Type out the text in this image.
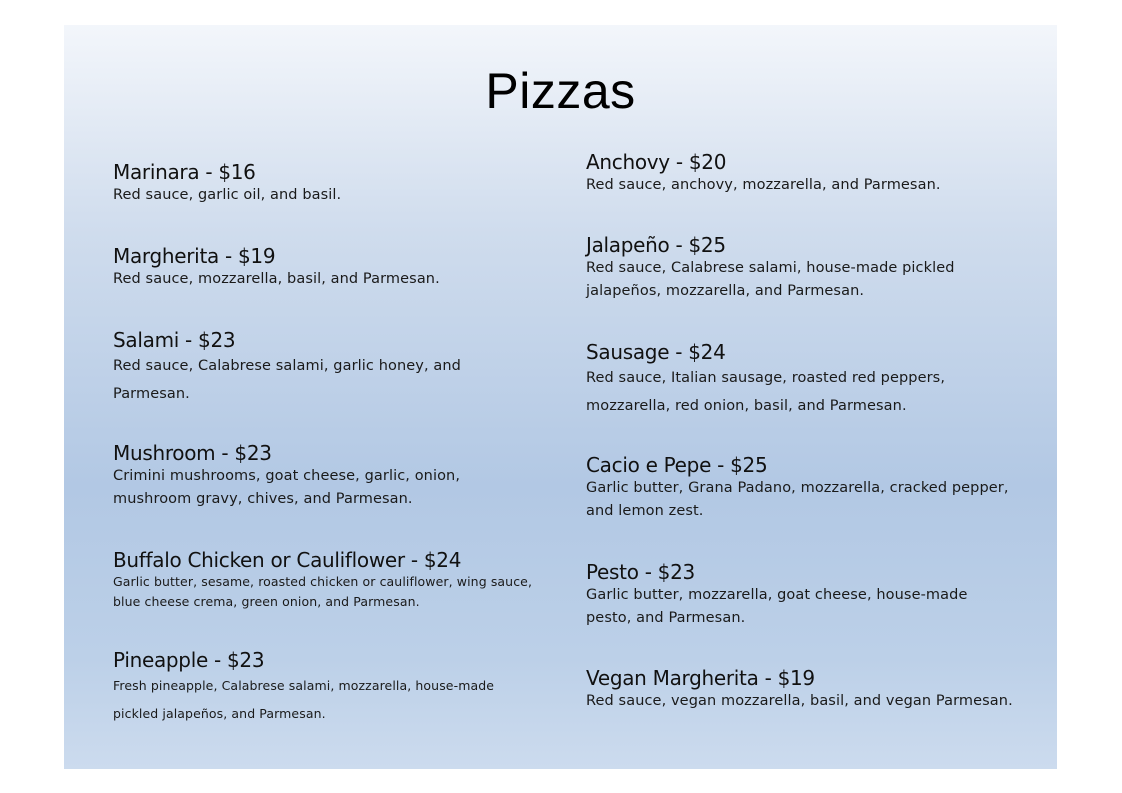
Pizzas
Marinara - $16
Red sauce, garlic oil, and basil.
Margherita - $19
Red sauce, mozzarella, basil, and Parmesan.
Salami - $23
Red sauce, Calabrese salami, garlic honey, and Parmesan.
Mushroom - $23
Crimini mushrooms, goat cheese, garlic, onion, mushroom gravy, chives, and Parmesan.
Buffalo Chicken or Cauliflower - $24
Garlic butter, sesame, roasted chicken or cauliflower, wing sauce, blue cheese crema, green onion, and Parmesan.
Pineapple - $23
Fresh pineapple, Calabrese salami, mozzarella, house-made pickled jalapeños, and Parmesan.
Anchovy - $20
Red sauce, anchovy, mozzarella, and Parmesan.
Jalapeño - $25
Red sauce, Calabrese salami, house-made pickled jalapeños, mozzarella, and Parmesan.
Sausage - $24
Red sauce, Italian sausage, roasted red peppers, mozzarella, red onion, basil, and Parmesan.
Cacio e Pepe - $25
Garlic butter, Grana Padano, mozzarella, cracked pepper, and lemon zest.
Pesto - $23
Garlic butter, mozzarella, goat cheese, house-made pesto, and Parmesan.
Vegan Margherita - $19
Red sauce, vegan mozzarella, basil, and vegan Parmesan.
